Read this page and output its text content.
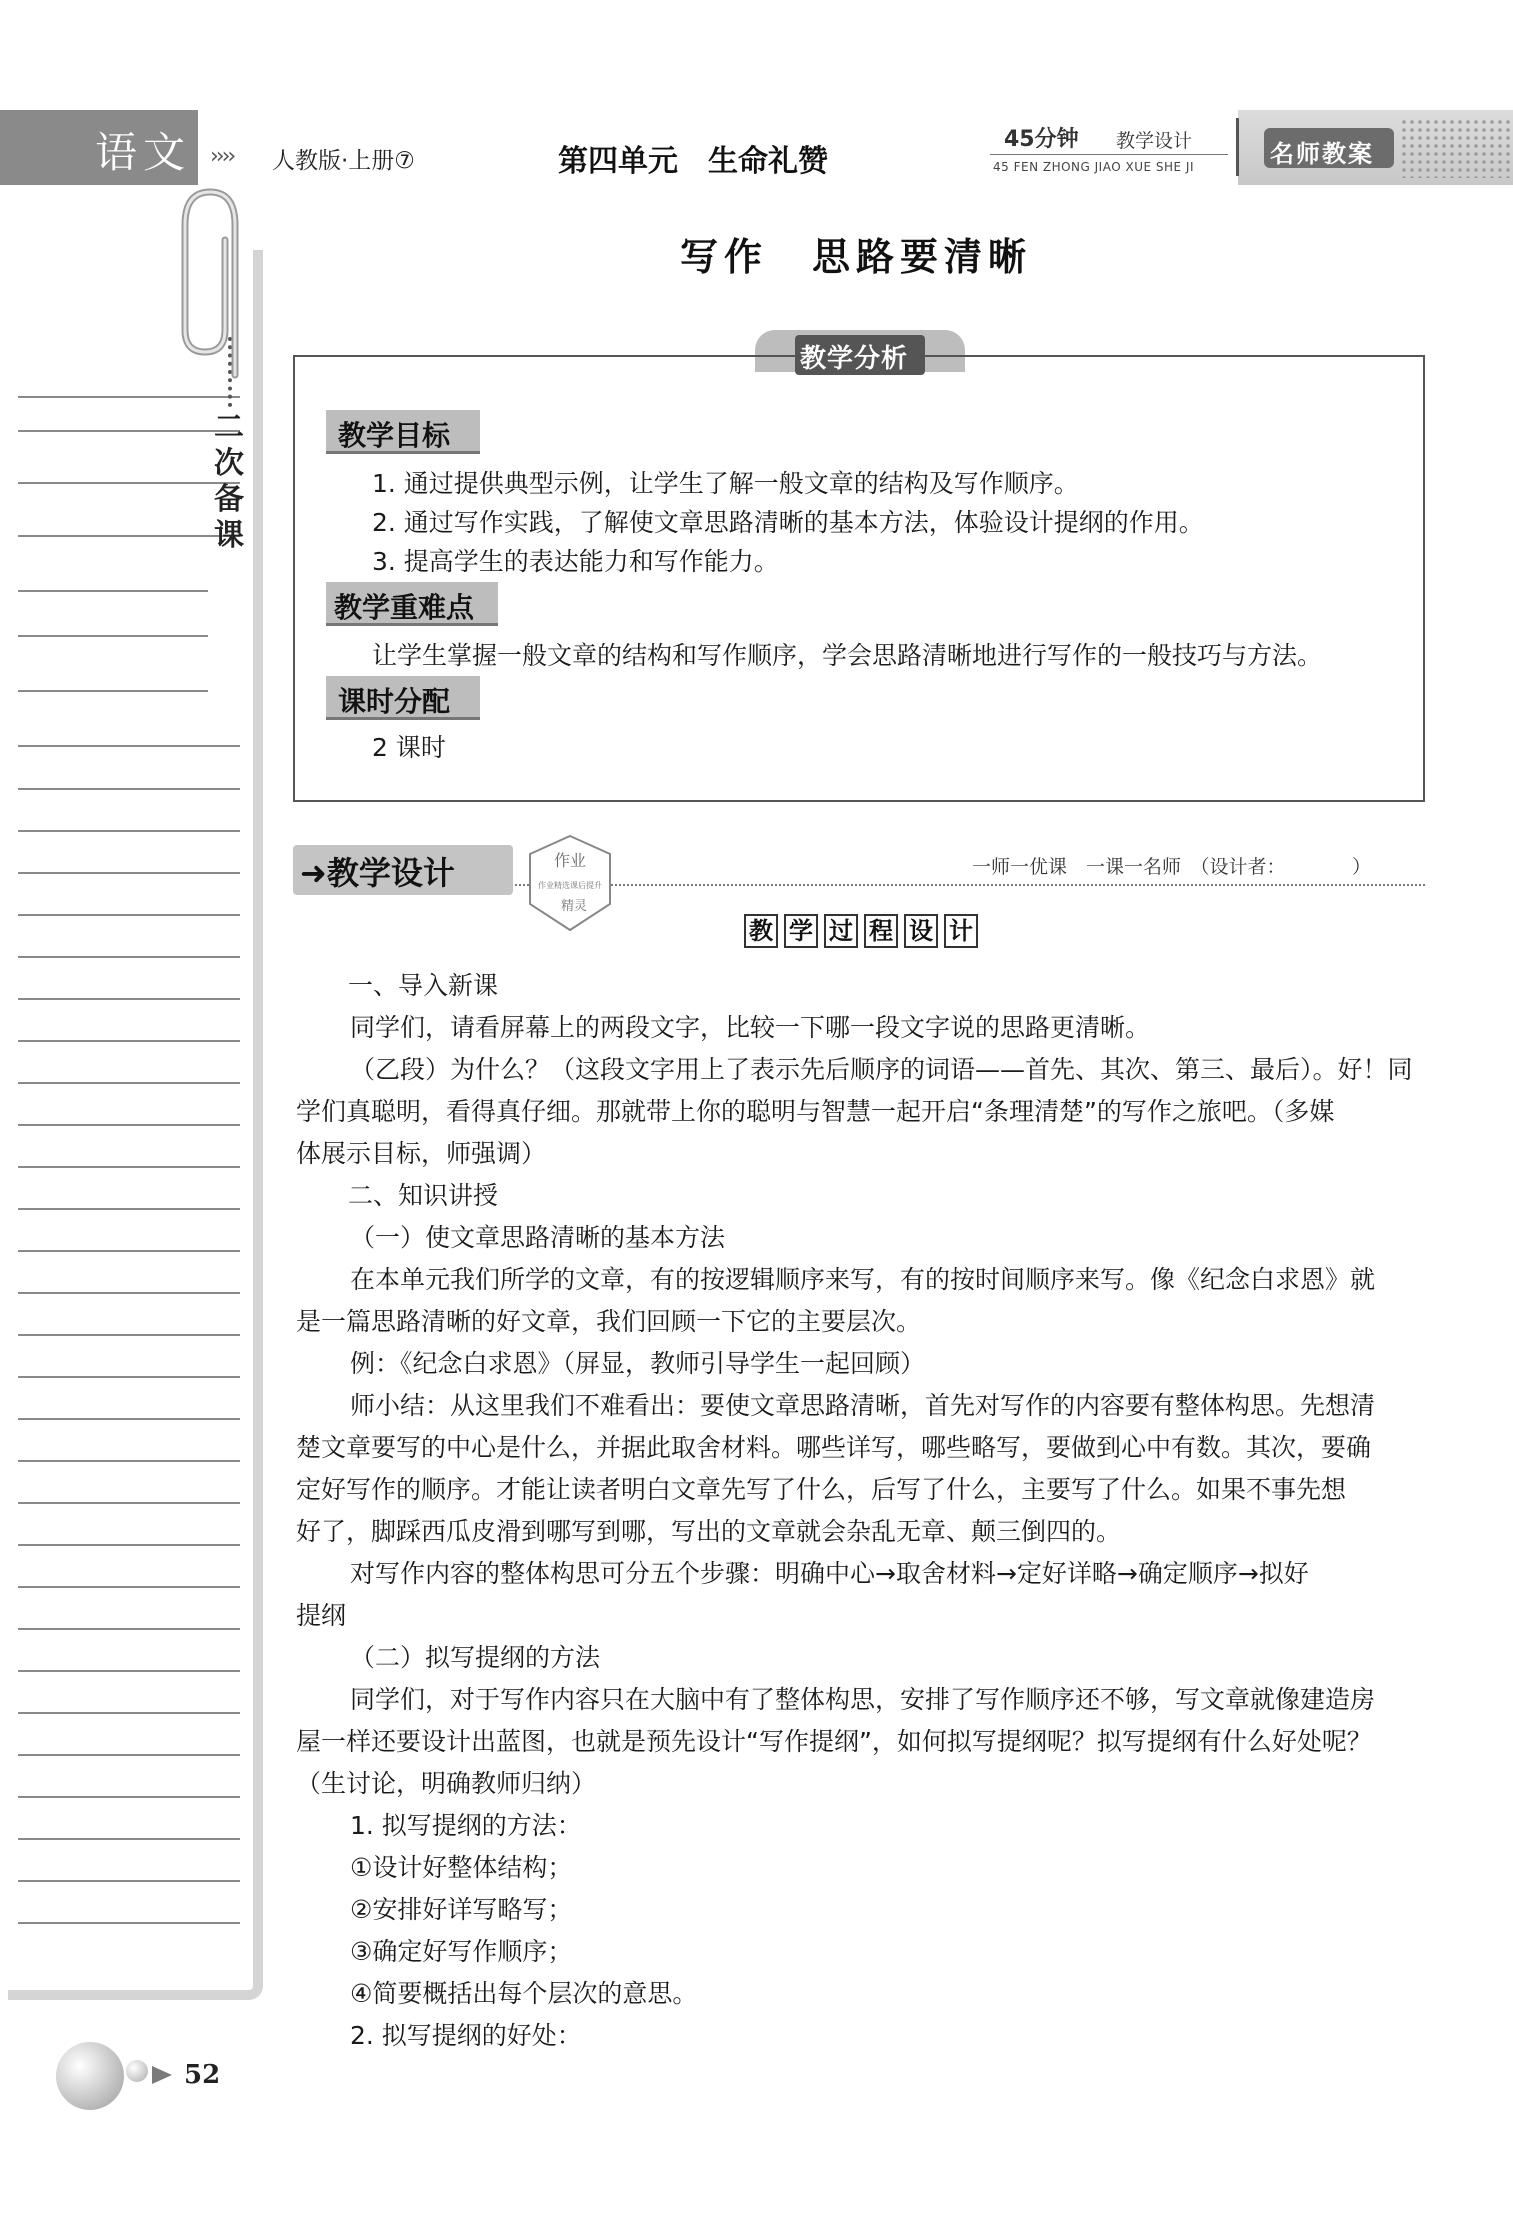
语文 ›››› 人教版·上册⑦	第四单元　生命礼赞
45分钟 教学设计
45 FEN ZHONG JIAO XUE SHE JI	名师教案
二次备课
写作　思路要清晰
教学分析
教学目标
1. 通过提供典型示例，让学生了解一般文章的结构及写作顺序。
2. 通过写作实践，了解使文章思路清晰的基本方法，体验设计提纲的作用。
3. 提高学生的表达能力和写作能力。
教学重难点
让学生掌握一般文章的结构和写作顺序，学会思路清晰地进行写作的一般技巧与方法。
课时分配
2 课时
➜教学设计	作业
作业精选课后提升
精灵
一师一优课　一课一名师　（设计者：　　　　）
教 学 过 程 设 计
一、导入新课
同学们，请看屏幕上的两段文字，比较一下哪一段文字说的思路更清晰。
（乙段）为什么？（这段文字用上了表示先后顺序的词语——首先、其次、第三、最后）。好！同
学们真聪明，看得真仔细。那就带上你的聪明与智慧一起开启“条理清楚”的写作之旅吧。（多媒
体展示目标，师强调）
二、知识讲授
（一）使文章思路清晰的基本方法
在本单元我们所学的文章，有的按逻辑顺序来写，有的按时间顺序来写。像《纪念白求恩》就
是一篇思路清晰的好文章，我们回顾一下它的主要层次。
例：《纪念白求恩》（屏显，教师引导学生一起回顾）
师小结：从这里我们不难看出：要使文章思路清晰，首先对写作的内容要有整体构思。先想清
楚文章要写的中心是什么，并据此取舍材料。哪些详写，哪些略写，要做到心中有数。其次，要确
定好写作的顺序。才能让读者明白文章先写了什么，后写了什么，主要写了什么。如果不事先想
好了，脚踩西瓜皮滑到哪写到哪，写出的文章就会杂乱无章、颠三倒四的。
对写作内容的整体构思可分五个步骤：明确中心→取舍材料→定好详略→确定顺序→拟好
提纲
（二）拟写提纲的方法
同学们，对于写作内容只在大脑中有了整体构思，安排了写作顺序还不够，写文章就像建造房
屋一样还要设计出蓝图，也就是预先设计“写作提纲”，如何拟写提纲呢？拟写提纲有什么好处呢？
（生讨论，明确教师归纳）
1. 拟写提纲的方法：
①设计好整体结构；
②安排好详写略写；
③确定好写作顺序；
④简要概括出每个层次的意思。
2. 拟写提纲的好处：
52
